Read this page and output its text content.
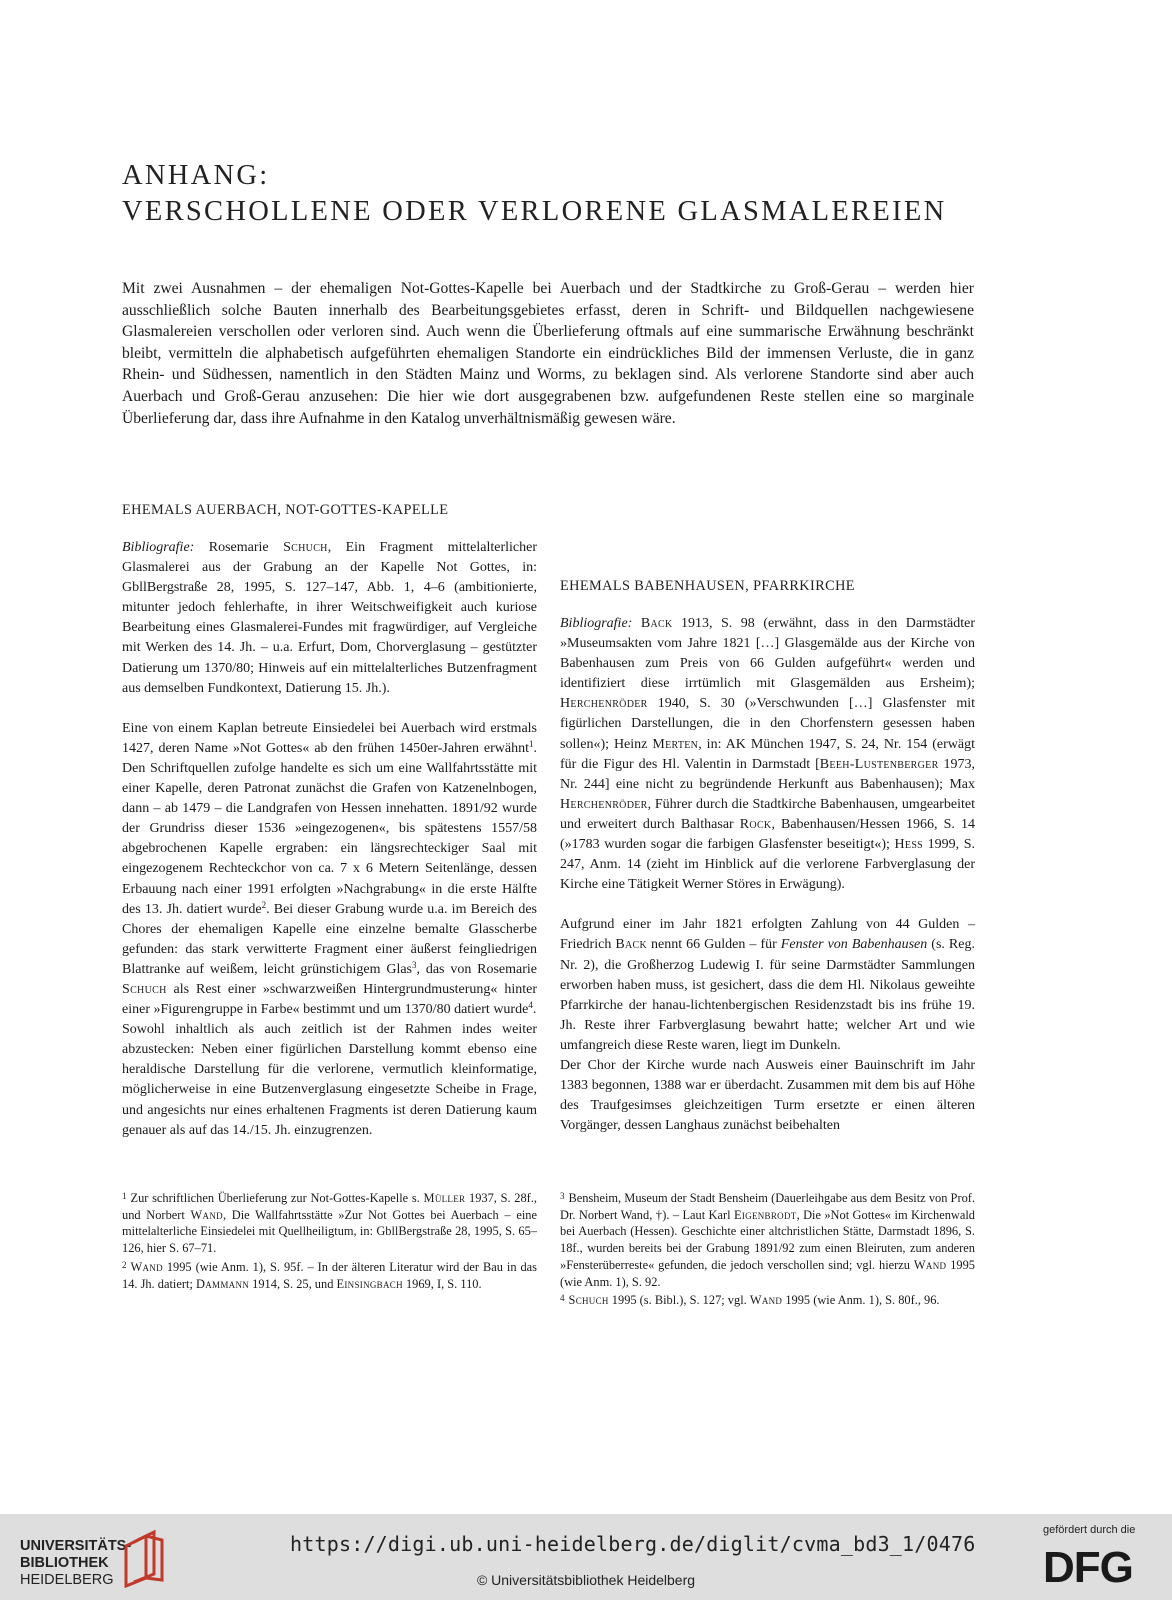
ANHANG:
VERSCHOLLENE ODER VERLORENE GLASMALEREIEN

Mit zwei Ausnahmen – der ehemaligen Not-Gottes-Kapelle bei Auerbach und der Stadtkirche zu Groß-Gerau – werden hier ausschließlich solche Bauten innerhalb des Bearbeitungsgebietes erfasst, deren in Schrift- und Bildquellen nachgewiesene Glasmalereien verschollen oder verloren sind. Auch wenn die Überlieferung oftmals auf eine summarische Erwähnung beschränkt bleibt, vermitteln die alphabetisch aufgeführten ehemaligen Standorte ein eindrückliches Bild der immensen Verluste, die in ganz Rhein- und Südhessen, namentlich in den Städten Mainz und Worms, zu beklagen sind. Als verlorene Standorte sind aber auch Auerbach und Groß-Gerau anzusehen: Die hier wie dort ausgegrabenen bzw. aufgefundenen Reste stellen eine so marginale Überlieferung dar, dass ihre Aufnahme in den Katalog unverhältnismäßig gewesen wäre.

EHEMALS AUERBACH, NOT-GOTTES-KAPELLE

Bibliografie: Rosemarie Schuch, Ein Fragment mittelalterlicher Glasmalerei aus der Grabung an der Kapelle Not Gottes, in: GbllBergstraße 28, 1995, S. 127–147, Abb. 1, 4–6 (ambitionierte, mitunter jedoch fehlerhafte, in ihrer Weitschweifigkeit auch kuriose Bearbeitung eines Glasmalerei-Fundes mit fragwürdiger, auf Vergleiche mit Werken des 14. Jh. – u.a. Erfurt, Dom, Chorverglasung – gestützter Datierung um 1370/80; Hinweis auf ein mittelalterliches Butzenfragment aus demselben Fundkontext, Datierung 15. Jh.).

Eine von einem Kaplan betreute Einsiedelei bei Auerbach wird erstmals 1427, deren Name »Not Gottes« ab den frühen 1450er-Jahren erwähnt$^1$. Den Schriftquellen zufolge handelte es sich um eine Wallfahrtsstätte mit einer Kapelle, deren Patronat zunächst die Grafen von Katzenelnbogen, dann – ab 1479 – die Landgrafen von Hessen innehatten. 1891/92 wurde der Grundriss dieser 1536 »eingezogenen«, bis spätestens 1557/58 abgebrochenen Kapelle ergraben: ein längsrechteckiger Saal mit eingezogenem Rechteckchor von ca. 7 x 6 Metern Seitenlänge, dessen Erbauung nach einer 1991 erfolgten »Nachgrabung« in die erste Hälfte des 13. Jh. datiert wurde$^2$. Bei dieser Grabung wurde u.a. im Bereich des Chores der ehemaligen Kapelle eine einzelne bemalte Glasscherbe gefunden: das stark verwitterte Fragment einer äußerst feingliedrigen Blattranke auf weißem, leicht grünstichigem Glas$^3$, das von Rosemarie Schuch als Rest einer »schwarzweißen Hintergrundmusterung« hinter einer »Figurengruppe in Farbe« bestimmt und um 1370/80 datiert wurde$^4$.

Sowohl inhaltlich als auch zeitlich ist der Rahmen indes weiter abzustecken: Neben einer figürlichen Darstellung kommt ebenso eine heraldische Darstellung für die verlorene, vermutlich kleinformatige, möglicherweise in eine Butzenverglasung eingesetzte Scheibe in Frage, und angesichts nur eines erhaltenen Fragments ist deren Datierung kaum genauer als auf das 14./15. Jh. einzugrenzen.

EHEMALS BABENHAUSEN, PFARRKIRCHE

Bibliografie: Back 1913, S. 98 (erwähnt, dass in den Darmstädter »Museumsakten vom Jahre 1821 […] Glasgemälde aus der Kirche von Babenhausen zum Preis von 66 Gulden aufgeführt« werden und identifiziert diese irrtümlich mit Glasgemälden aus Ersheim); Herchenröder 1940, S. 30 (»Verschwunden […] Glasfenster mit figürlichen Darstellungen, die in den Chorfenstern gesessen haben sollen«); Heinz Merten, in: AK München 1947, S. 24, Nr. 154 (erwägt für die Figur des Hl. Valentin in Darmstadt [Beeh-Lustenberger 1973, Nr. 244] eine nicht zu begründende Herkunft aus Babenhausen); Max Herchenröder, Führer durch die Stadtkirche Babenhausen, umgearbeitet und erweitert durch Balthasar Rock, Babenhausen/Hessen 1966, S. 14 (»1783 wurden sogar die farbigen Glasfenster beseitigt«); Hess 1999, S. 247, Anm. 14 (zieht im Hinblick auf die verlorene Farbverglasung der Kirche eine Tätigkeit Werner Störes in Erwägung).

Aufgrund einer im Jahr 1821 erfolgten Zahlung von 44 Gulden – Friedrich Back nennt 66 Gulden – für Fenster von Babenhausen (s. Reg. Nr. 2), die Großherzog Ludewig I. für seine Darmstädter Sammlungen erworben haben muss, ist gesichert, dass die dem Hl. Nikolaus geweihte Pfarrkirche der hanau-lichtenbergischen Residenzstadt bis ins frühe 19. Jh. Reste ihrer Farbverglasung bewahrt hatte; welcher Art und wie umfangreich diese Reste waren, liegt im Dunkeln.

Der Chor der Kirche wurde nach Ausweis einer Bauinschrift im Jahr 1383 begonnen, 1388 war er überdacht. Zusammen mit dem bis auf Höhe des Traufgesimses gleichzeitigen Turm ersetzte er einen älteren Vorgänger, dessen Langhaus zunächst beibehalten

$^1$ Zur schriftlichen Überlieferung zur Not-Gottes-Kapelle s. Müller 1937, S. 28f., und Norbert Wand, Die Wallfahrtsstätte »Zur Not Gottes bei Auerbach – eine mittelalterliche Einsiedelei mit Quellheiligtum, in: GbllBergstraße 28, 1995, S. 65–126, hier S. 67–71.

$^2$ Wand 1995 (wie Anm. 1), S. 95f. – In der älteren Literatur wird der Bau in das 14. Jh. datiert; Dammann 1914, S. 25, und Einsingbach 1969, I, S. 110.

$^3$ Bensheim, Museum der Stadt Bensheim (Dauerleihgabe aus dem Besitz von Prof. Dr. Norbert Wand, †). – Laut Karl Eigenbrodt, Die »Not Gottes« im Kirchenwald bei Auerbach (Hessen). Geschichte einer altchristlichen Stätte, Darmstadt 1896, S. 18f., wurden bereits bei der Grabung 1891/92 zum einen Bleiruten, zum anderen »Fensterüberreste« gefunden, die jedoch verschollen sind; vgl. hierzu Wand 1995 (wie Anm. 1), S. 92.

$^4$ Schuch 1995 (s. Bibl.), S. 127; vgl. Wand 1995 (wie Anm. 1), S. 80f., 96.

UNIVERSITÄTS-
BIBLIOTHEK
HEIDELBERG
https://digi.ub.uni-heidelberg.de/diglit/cvma_bd3_1/0476
© Universitätsbibliothek Heidelberg
gefördert durch die
DFG
